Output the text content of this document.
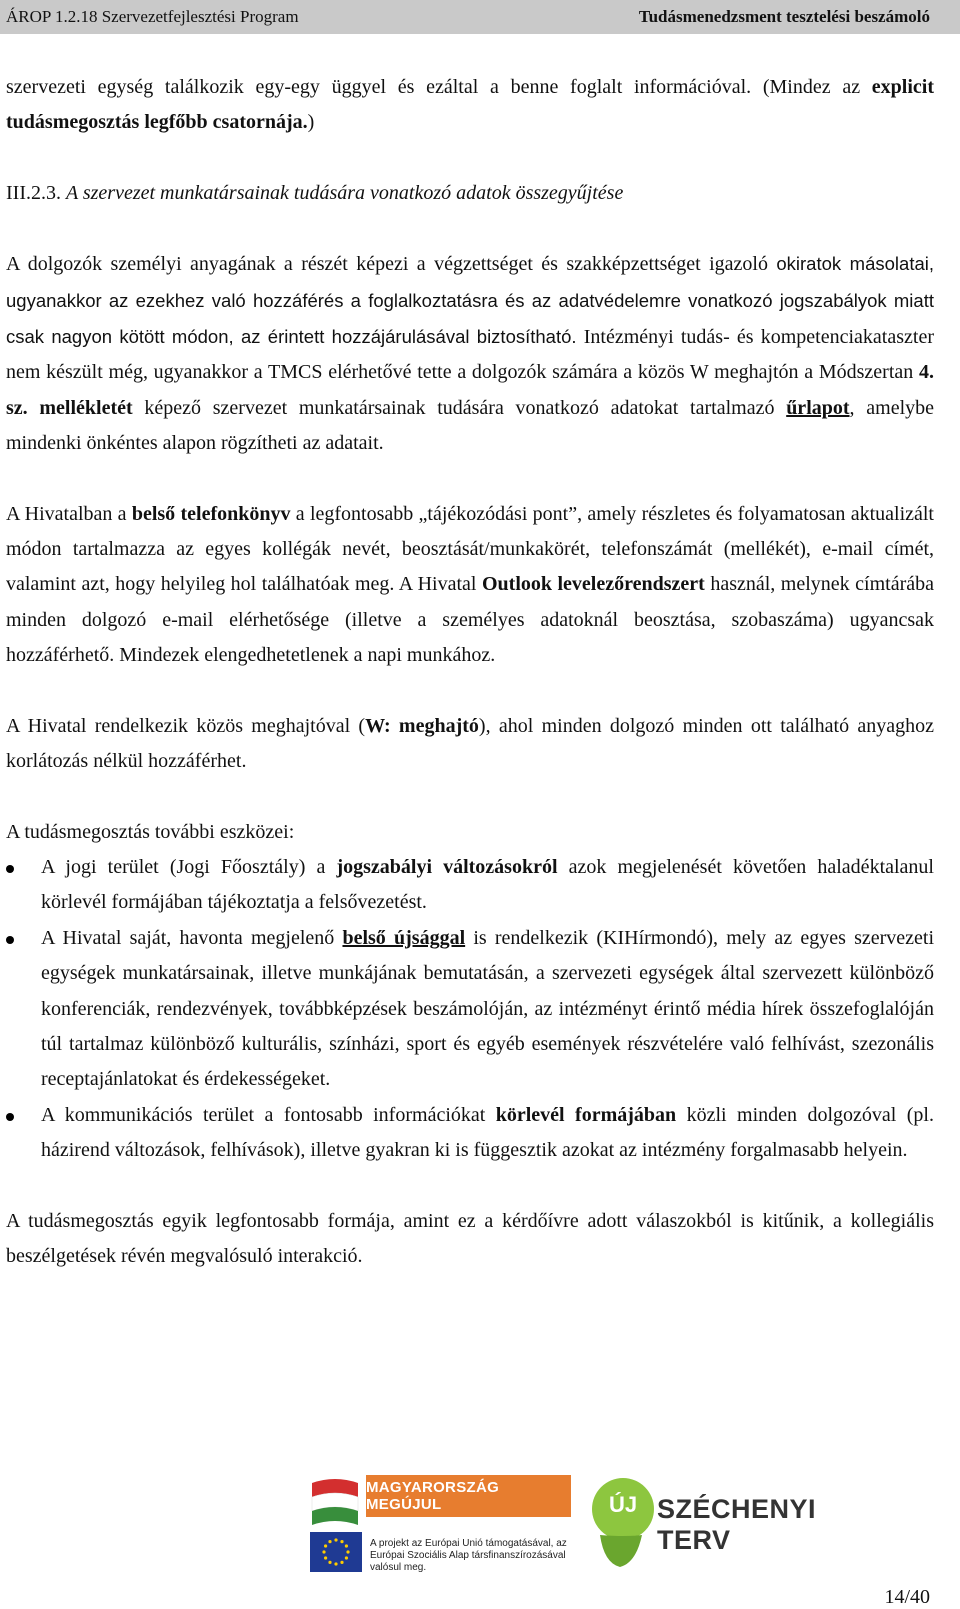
ÁROP 1.2.18 Szervezetfejlesztési Program	Tudásmenedzsment tesztelési beszámoló

szervezeti egység találkozik egy-egy üggyel és ezáltal a benne foglalt információval. (Mindez az explicit tudásmegosztás legfőbb csatornája.)

III.2.3. A szervezet munkatársainak tudására vonatkozó adatok összegyűjtése

A dolgozók személyi anyagának a részét képezi a végzettséget és szakképzettséget igazoló okiratok másolatai, ugyanakkor az ezekhez való hozzáférés a foglalkoztatásra és az adatvédelemre vonatkozó jogszabályok miatt csak nagyon kötött módon, az érintett hozzájárulásával biztosítható. Intézményi tudás- és kompetenciakataszter nem készült még, ugyanakkor a TMCS elérhetővé tette a dolgozók számára a közös W meghajtón a Módszertan 4. sz. mellékletét képező szervezet munkatársainak tudására vonatkozó adatokat tartalmazó űrlapot, amelybe mindenki önkéntes alapon rögzítheti az adatait.

A Hivatalban a belső telefonkönyv a legfontosabb „tájékozódási pont”, amely részletes és folyamatosan aktualizált módon tartalmazza az egyes kollégák nevét, beosztását/munkakörét, telefonszámát (mellékét), e-mail címét, valamint azt, hogy helyileg hol találhatóak meg. A Hivatal Outlook levelezőrendszert használ, melynek címtárába minden dolgozó e-mail elérhetősége (illetve a személyes adatoknál beosztása, szobaszáma) ugyancsak hozzáférhető. Mindezek elengedhetetlenek a napi munkához.

A Hivatal rendelkezik közös meghajtóval (W: meghajtó), ahol minden dolgozó minden ott található anyaghoz korlátozás nélkül hozzáférhet.

A tudásmegosztás további eszközei:

A jogi terület (Jogi Főosztály) a jogszabályi változásokról azok megjelenését követően haladéktalanul körlevél formájában tájékoztatja a felsővezetést.
A Hivatal saját, havonta megjelenő belső újsággal is rendelkezik (KIHírmondó), mely az egyes szervezeti egységek munkatársainak, illetve munkájának bemutatásán, a szervezeti egységek által szervezett különböző konferenciák, rendezvények, továbbképzések beszámolóján, az intézményt érintő média hírek összefoglalóján túl tartalmaz különböző kulturális, színházi, sport és egyéb események részvételére való felhívást, szezonális receptajánlatokat és érdekességeket.
A kommunikációs terület a fontosabb információkat körlevél formájában közli minden dolgozóval (pl. házirend változások, felhívások), illetve gyakran ki is függesztik azokat az intézmény forgalmasabb helyein.

A tudásmegosztás egyik legfontosabb formája, amint ez a kérdőívre adott válaszokból is kitűnik, a kollegiális beszélgetések révén megvalósuló interakció.

MAGYARORSZÁG MEGÚJUL
A projekt az Európai Unió támogatásával, az Európai Szociális Alap társfinanszírozásával valósul meg.
ÚJ SZÉCHENYI TERV
14/40
